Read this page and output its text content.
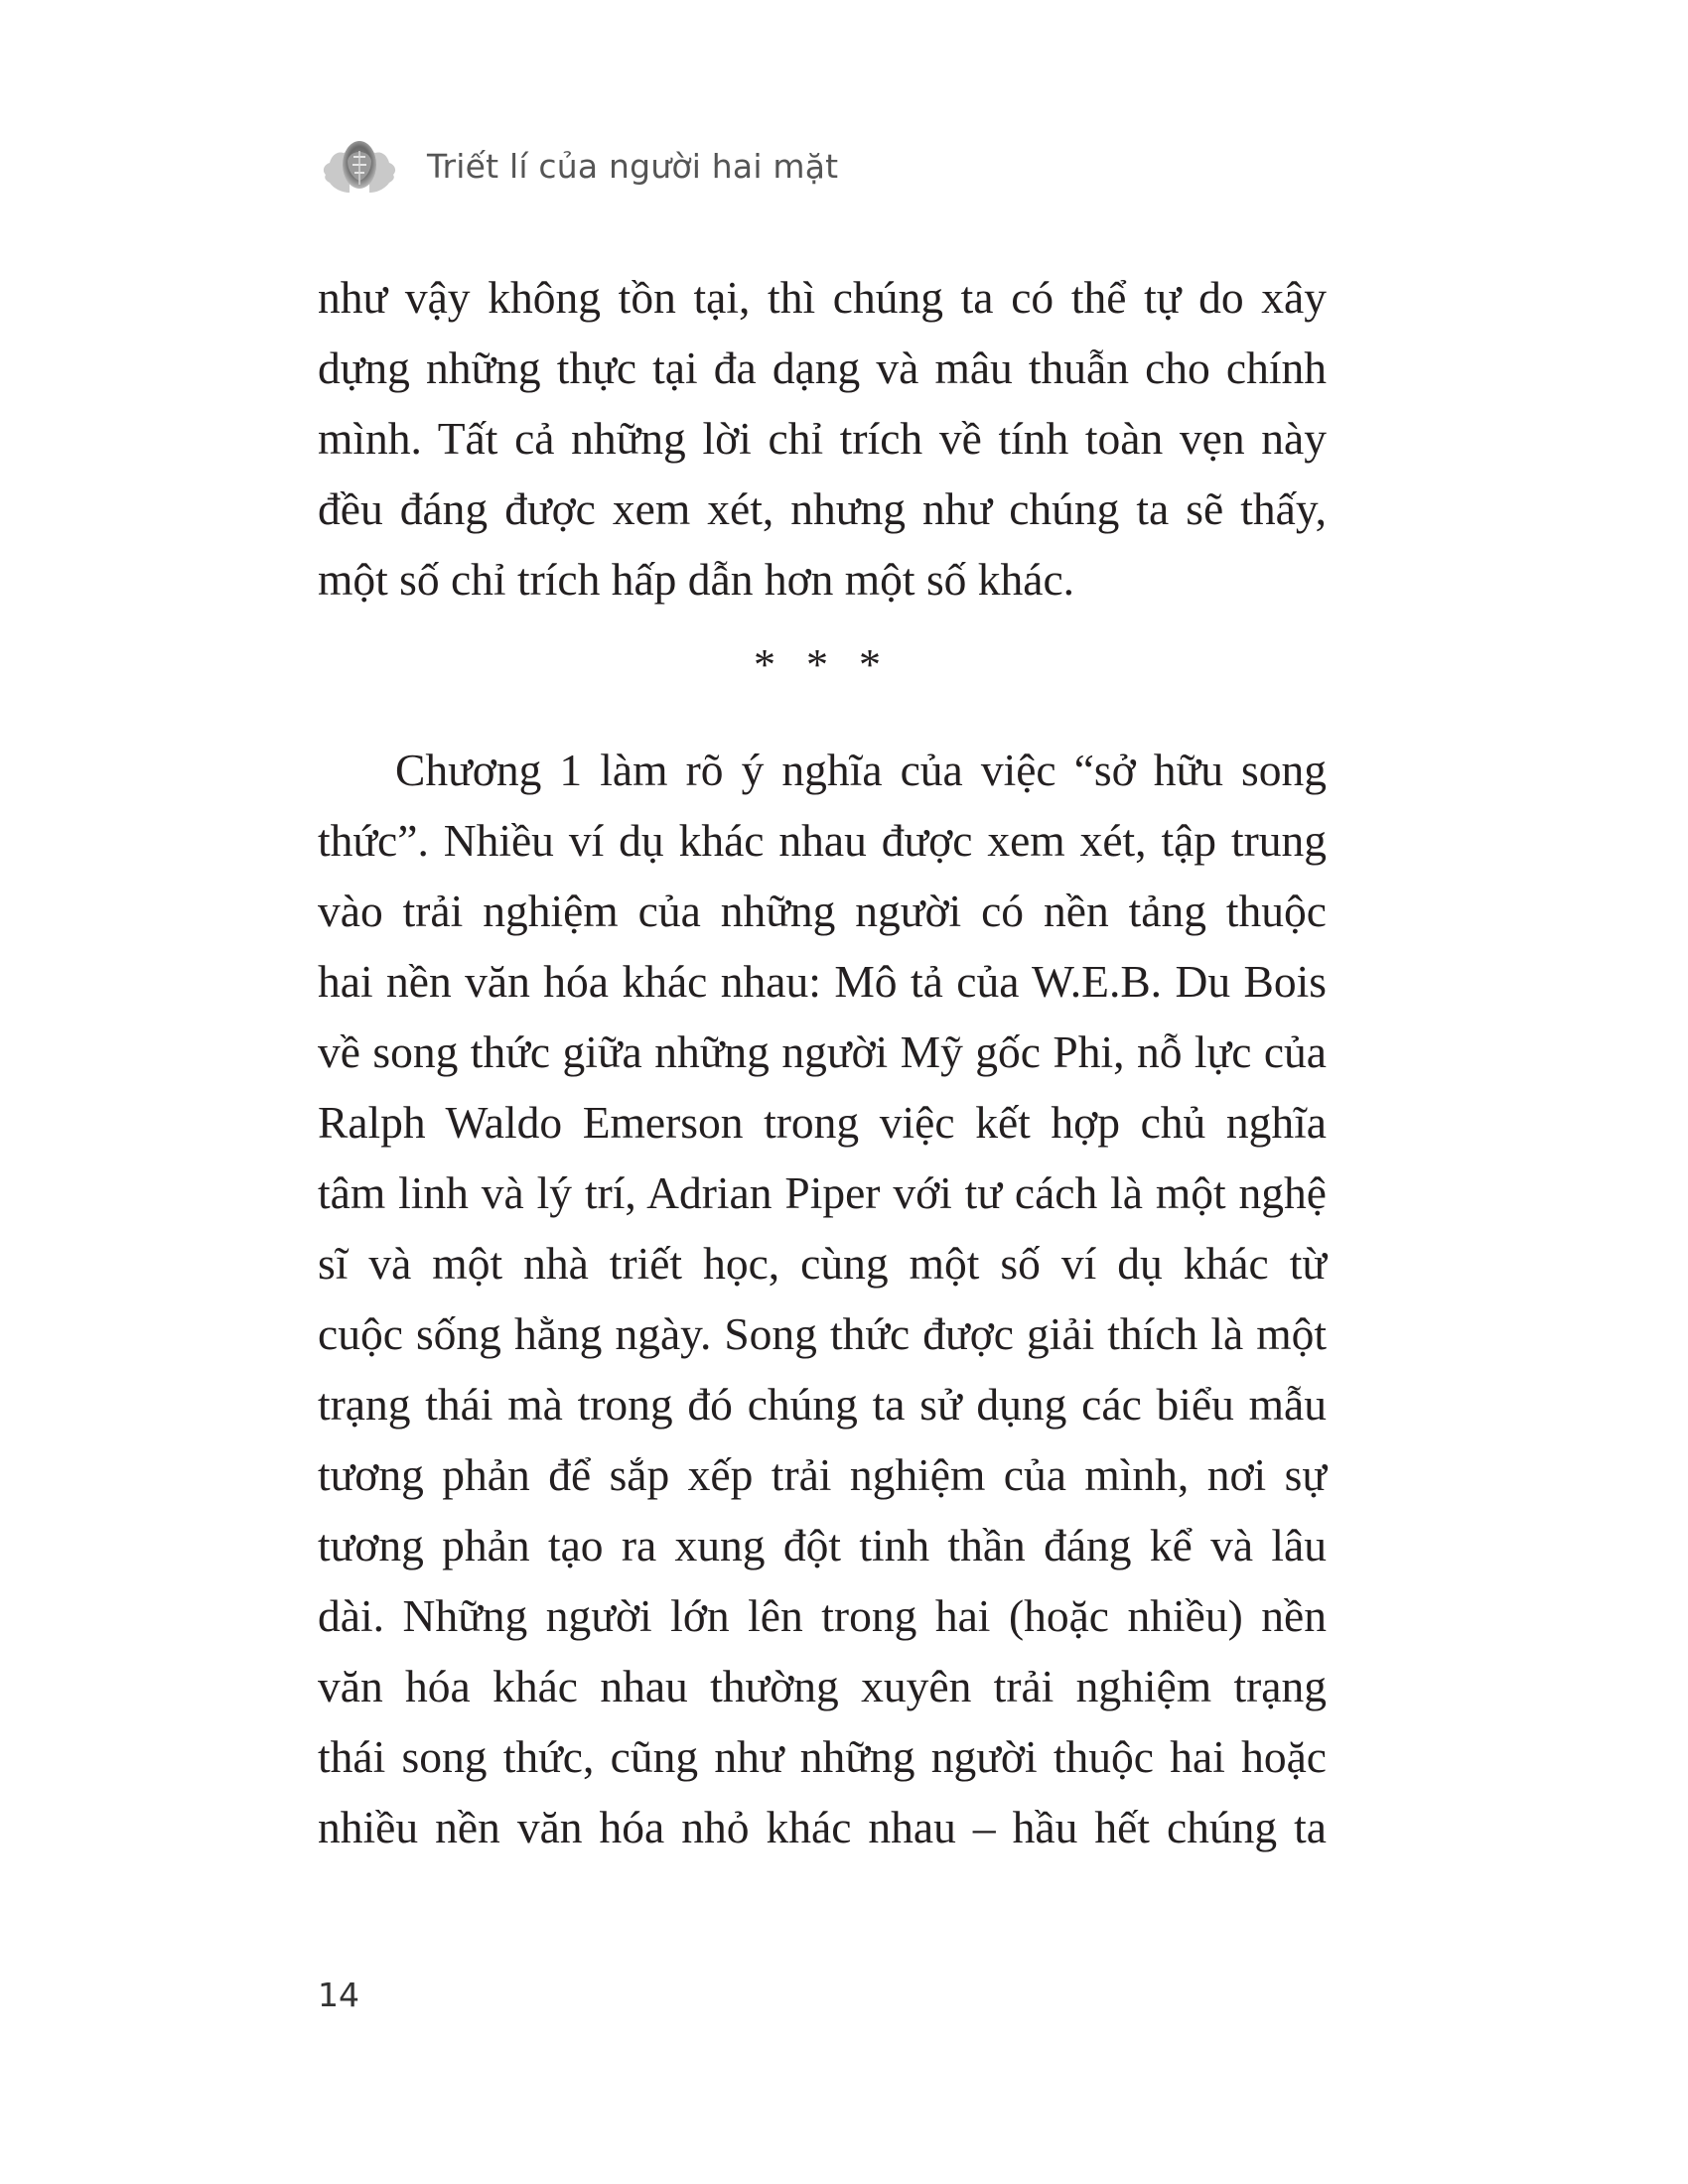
Triết lí của người hai mặt
như vậy không tồn tại, thì chúng ta có thể tự do xây
dựng những thực tại đa dạng và mâu thuẫn cho chính
mình. Tất cả những lời chỉ trích về tính toàn vẹn này
đều đáng được xem xét, nhưng như chúng ta sẽ thấy,
một số chỉ trích hấp dẫn hơn một số khác.
* * *
Chương 1 làm rõ ý nghĩa của việc “sở hữu song
thức”. Nhiều ví dụ khác nhau được xem xét, tập trung
vào trải nghiệm của những người có nền tảng thuộc
hai nền văn hóa khác nhau: Mô tả của W.E.B. Du Bois
về song thức giữa những người Mỹ gốc Phi, nỗ lực của
Ralph Waldo Emerson trong việc kết hợp chủ nghĩa
tâm linh và lý trí, Adrian Piper với tư cách là một nghệ
sĩ và một nhà triết học, cùng một số ví dụ khác từ
cuộc sống hằng ngày. Song thức được giải thích là một
trạng thái mà trong đó chúng ta sử dụng các biểu mẫu
tương phản để sắp xếp trải nghiệm của mình, nơi sự
tương phản tạo ra xung đột tinh thần đáng kể và lâu
dài. Những người lớn lên trong hai (hoặc nhiều) nền
văn hóa khác nhau thường xuyên trải nghiệm trạng
thái song thức, cũng như những người thuộc hai hoặc
nhiều nền văn hóa nhỏ khác nhau – hầu hết chúng ta
14
